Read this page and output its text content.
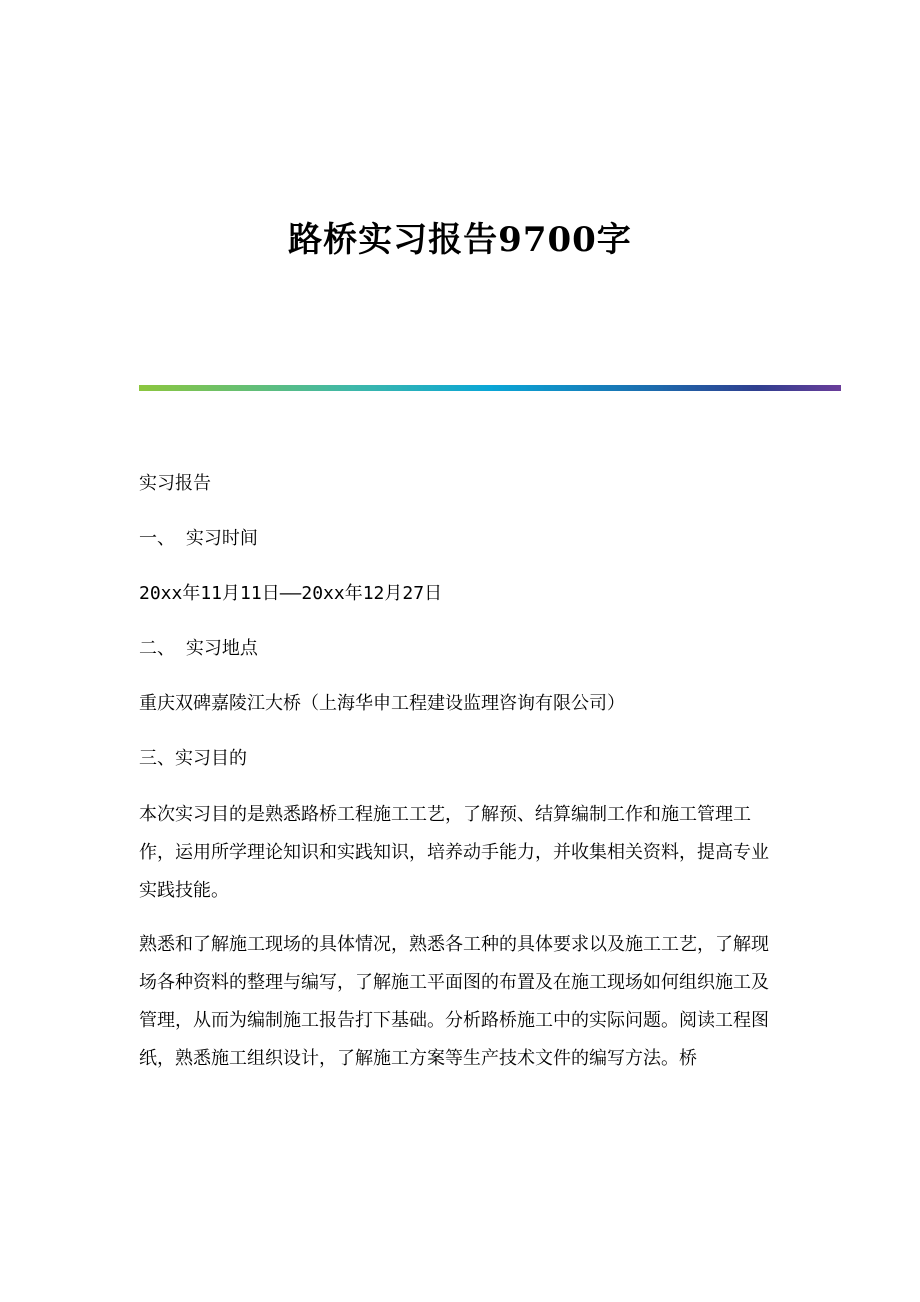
路桥实习报告9700字

实习报告

一、 实习时间

20xx年11月11日——20xx年12月27日

二、 实习地点

重庆双碑嘉陵江大桥（上海华申工程建设监理咨询有限公司）

三、实习目的

本次实习目的是熟悉路桥工程施工工艺，了解预、结算编制工作和施工管理工作，运用所学理论知识和实践知识，培养动手能力，并收集相关资料，提高专业实践技能。

熟悉和了解施工现场的具体情况，熟悉各工种的具体要求以及施工工艺，了解现场各种资料的整理与编写，了解施工平面图的布置及在施工现场如何组织施工及管理，从而为编制施工报告打下基础。分析路桥施工中的实际问题。阅读工程图纸，熟悉施工组织设计，了解施工方案等生产技术文件的编写方法。桥
